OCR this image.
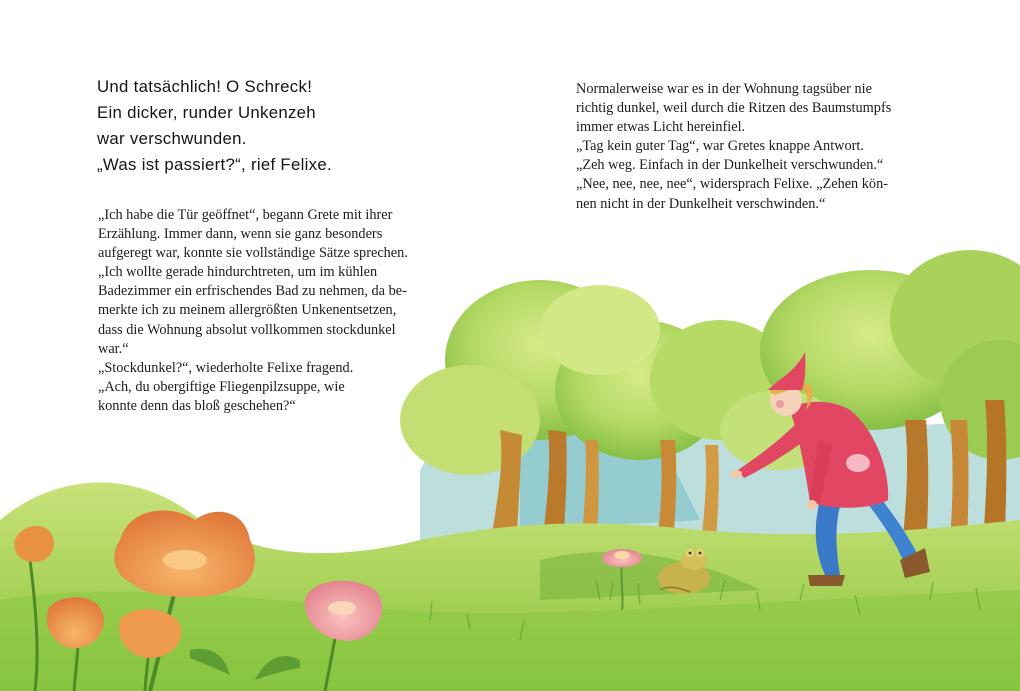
Und tatsächlich! O Schreck!
Ein dicker, runder Unkenzeh
war verschwunden.
„Was ist passiert?“, rief Felixe.

„Ich habe die Tür geöffnet“, begann Grete mit ihrer

Erzählung. Immer dann, wenn sie ganz besonders

aufgeregt war, konnte sie vollständige Sätze sprechen.

„Ich wollte gerade hindurchtreten, um im kühlen

Badezimmer ein erfrischendes Bad zu nehmen, da be-

merkte ich zu meinem allergrößten Unkenentsetzen,

dass die Wohnung absolut vollkommen stockdunkel

war.“

„Stockdunkel?“, wiederholte Felixe fragend.

„Ach, du obergiftige Fliegenpilzsuppe, wie

konnte denn das bloß geschehen?“

Normalerweise war es in der Wohnung tagsüber nie

richtig dunkel, weil durch die Ritzen des Baumstumpfs

immer etwas Licht hereinfiel.

„Tag kein guter Tag“, war Gretes knappe Antwort.

„Zeh weg. Einfach in der Dunkelheit verschwunden.“

„Nee, nee, nee, nee“, widersprach Felixe. „Zehen kön-

nen nicht in der Dunkelheit verschwinden.“
